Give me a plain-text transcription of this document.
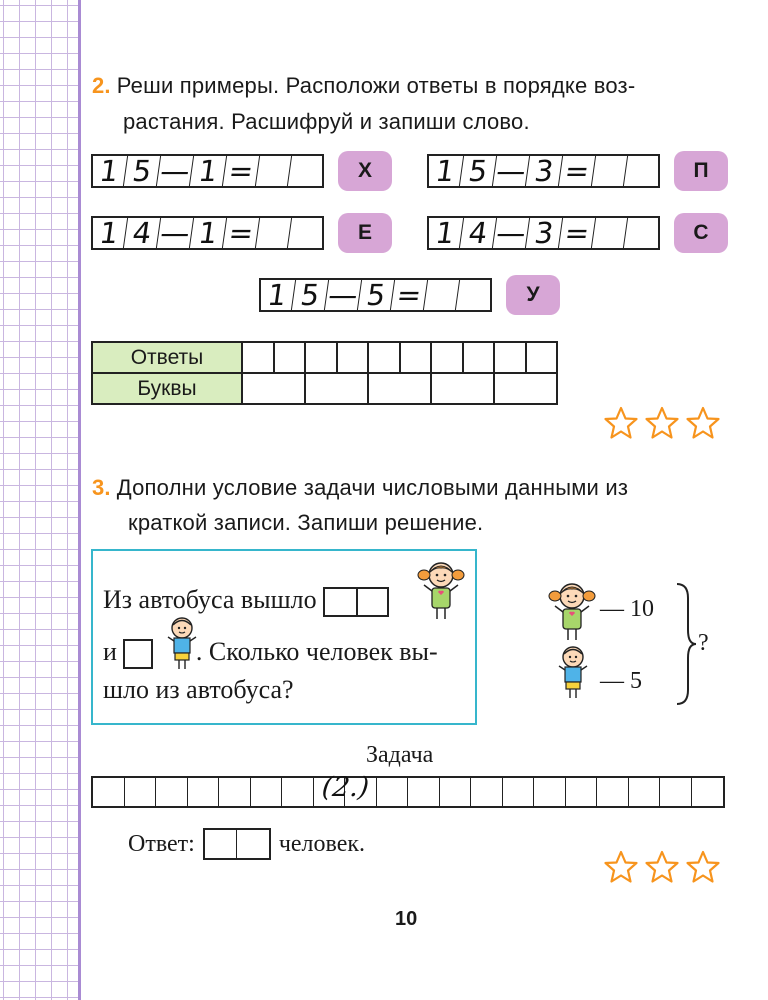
2. Реши примеры. Расположи ответы в порядке воз-
растания. Расшифруй и запиши слово.
1 5 — 1 =	Х	1 5 — 3 =	П
1 4 — 1 =	Е	1 4 — 3 =	С
1 5 — 5 =	У
Ответы										
Буквы										
3. Дополни условие задачи числовыми данными из
краткой записи. Запиши решение.
Из автобуса вышло
и	. Сколько человек вы-
шло из автобуса?
— 10
— 5
?
Задача
(2.)
Ответ:	человек.
10
